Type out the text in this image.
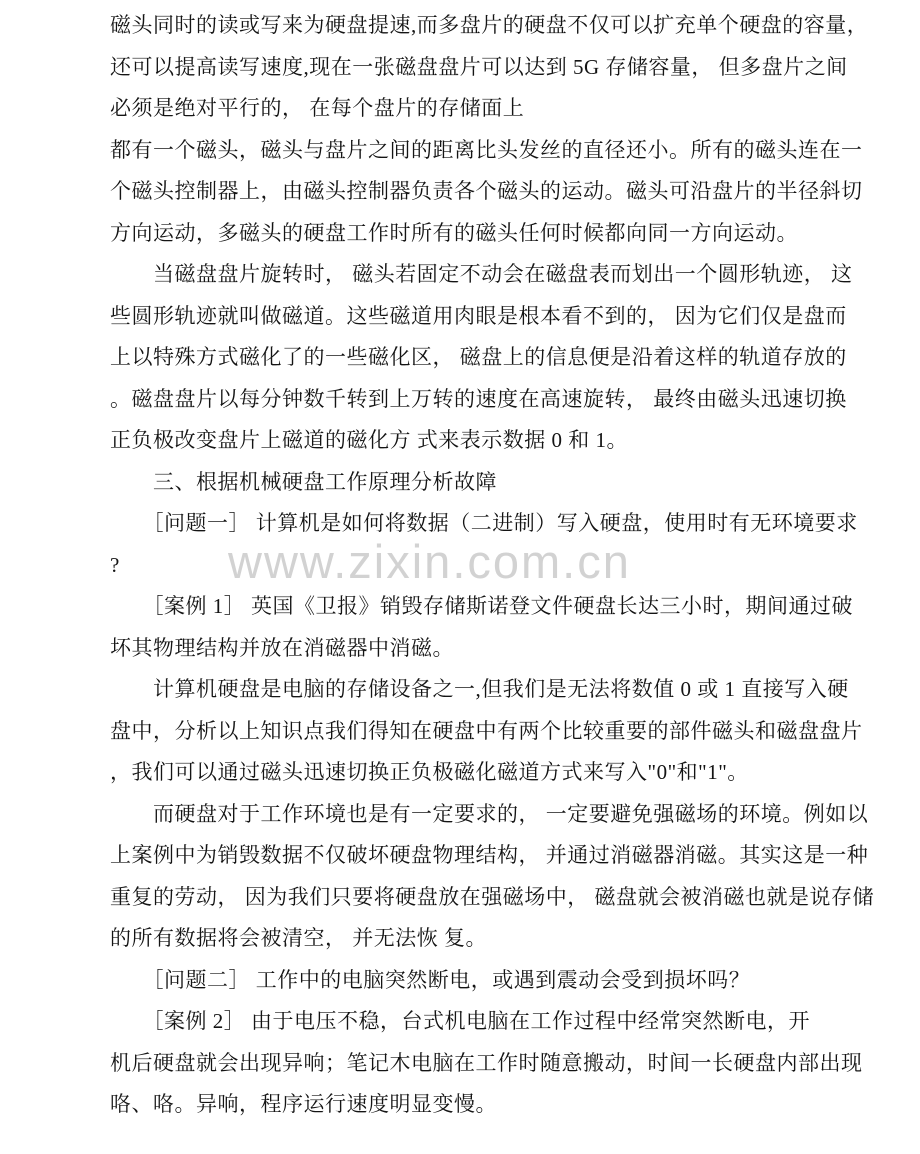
www.zixin.com.cn
磁头同时的读或写来为硬盘提速,而多盘片的硬盘不仅可以扩充单个硬盘的容量，
还可以提高读写速度,现在一张磁盘盘片可以达到 5G 存储容量， 但多盘片之间
必须是绝对平行的， 在每个盘片的存储面上
都有一个磁头，磁头与盘片之间的距离比头发丝的直径还小。所有的磁头连在一
个磁头控制器上，由磁头控制器负责各个磁头的运动。磁头可沿盘片的半径斜切
方向运动，多磁头的硬盘工作时所有的磁头任何时候都向同一方向运动。
　　当磁盘盘片旋转时， 磁头若固定不动会在磁盘表而划出一个圆形轨迹， 这
些圆形轨迹就叫做磁道。这些磁道用肉眼是根本看不到的， 因为它们仅是盘而
上以特殊方式磁化了的一些磁化区， 磁盘上的信息便是沿着这样的轨道存放的
。磁盘盘片以每分钟数千转到上万转的速度在高速旋转， 最终由磁头迅速切换
正负极改变盘片上磁道的磁化方 式来表示数据 0 和 1。
　　三、根据机械硬盘工作原理分析故障
　　［问题一］ 计算机是如何将数据（二进制）写入硬盘，使用时有无环境要求
?
　　［案例 1］ 英国《卫报》销毁存储斯诺登文件硬盘长达三小时，期间通过破
坏其物理结构并放在消磁器中消磁。
　　计算机硬盘是电脑的存储设备之一,但我们是无法将数值 0 或 1 直接写入硬
盘中，分析以上知识点我们得知在硬盘中有两个比较重要的部件磁头和磁盘盘片
，我们可以通过磁头迅速切换正负极磁化磁道方式来写入"0"和"1"。
　　而硬盘对于工作环境也是有一定要求的， 一定要避免强磁场的环境。例如以
上案例中为销毁数据不仅破坏硬盘物理结构， 并通过消磁器消磁。其实这是一种
重复的劳动， 因为我们只要将硬盘放在强磁场中， 磁盘就会被消磁也就是说存储
的所有数据将会被清空， 并无法恢 复。
　　［问题二］ 工作中的电脑突然断电，或遇到震动会受到损坏吗？
　　［案例 2］ 由于电压不稳，台式机电脑在工作过程中经常突然断电，开
机后硬盘就会出现异响；笔记木电脑在工作时随意搬动，时间一长硬盘内部出现
咯、咯。异响，程序运行速度明显变慢。
